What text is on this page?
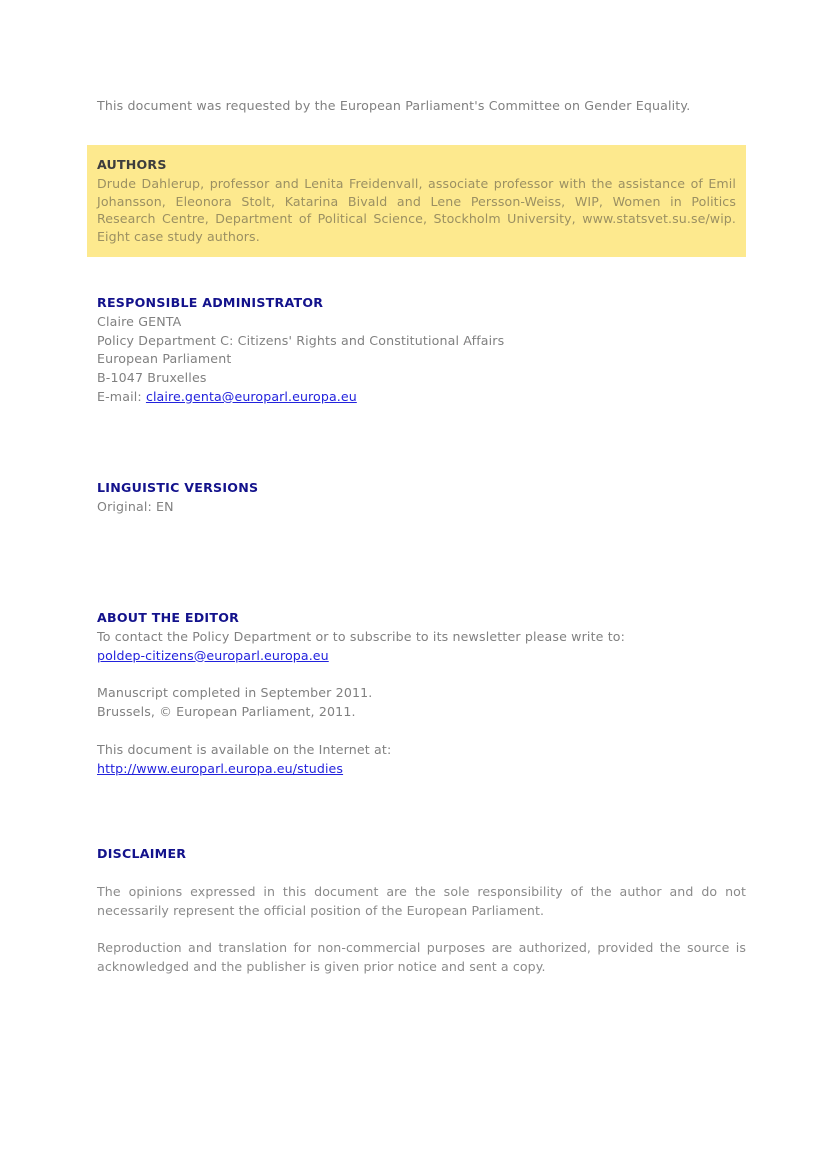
This document was requested by the European Parliament's Committee on Gender Equality.
AUTHORS
Drude Dahlerup, professor and Lenita Freidenvall, associate professor with the assistance of Emil Johansson, Eleonora Stolt, Katarina Bivald and Lene Persson-Weiss, WIP, Women in Politics Research Centre, Department of Political Science, Stockholm University, www.statsvet.su.se/wip. Eight case study authors.
RESPONSIBLE ADMINISTRATOR
Claire GENTA
Policy Department C: Citizens' Rights and Constitutional Affairs
European Parliament
B-1047 Bruxelles
E-mail: claire.genta@europarl.europa.eu
LINGUISTIC VERSIONS
Original: EN
ABOUT THE EDITOR
To contact the Policy Department or to subscribe to its newsletter please write to:
poldep-citizens@europarl.europa.eu
Manuscript completed in September 2011.
Brussels, © European Parliament, 2011.
This document is available on the Internet at:
http://www.europarl.europa.eu/studies
DISCLAIMER
The opinions expressed in this document are the sole responsibility of the author and do not necessarily represent the official position of the European Parliament.
Reproduction and translation for non-commercial purposes are authorized, provided the source is acknowledged and the publisher is given prior notice and sent a copy.
